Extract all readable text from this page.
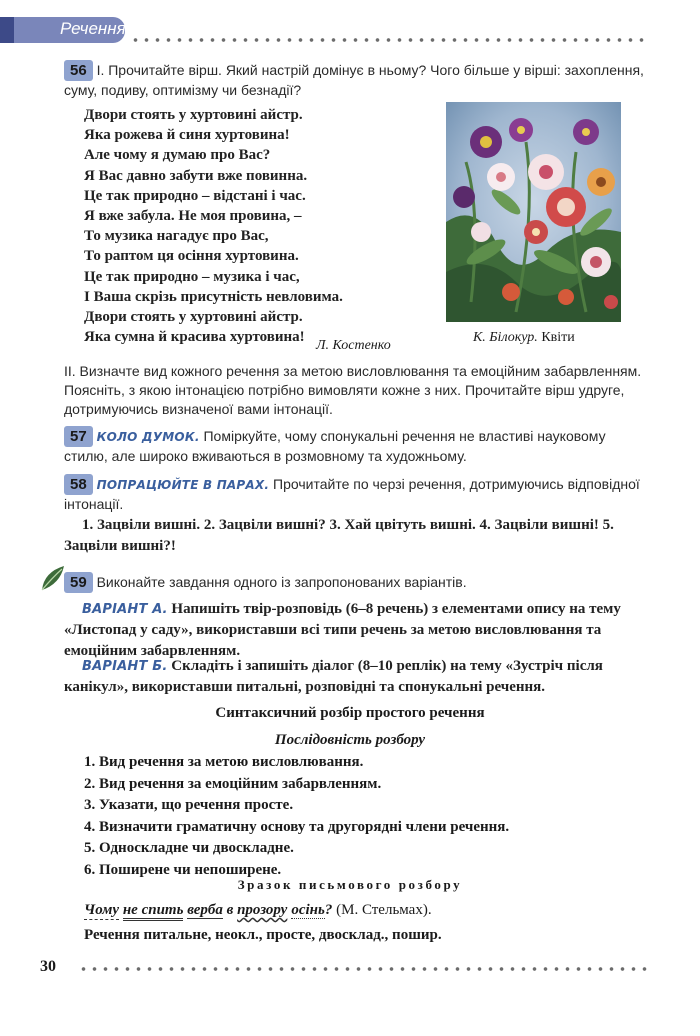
Речення
56 І. Прочитайте вірш. Який настрій домінує в ньому? Чого більше у вірші: захоплення, суму, подиву, оптимізму чи безнадії?
Двори стоять у хуртовині айстр.
Яка рожева й синя хуртовина!
Але чому я думаю про Вас?
Я Вас давно забути вже повинна.
Це так природно – відстані і час.
Я вже забула. Не моя провина, –
То музика нагадує про Вас,
То раптом ця осіння хуртовина.
Це так природно – музика і час,
І Ваша скрізь присутність невловима.
Двори стоять у хуртовині айстр.
Яка сумна й красива хуртовина!
Л. Костенко
К. Білокур. Квіти
ІІ. Визначте вид кожного речення за метою висловлювання та емоційним забарвленням. Поясніть, з якою інтонацією потрібно вимовляти кожне з них. Прочитайте вірш удруге, дотримуючись визначеної вами інтонації.
57 КОЛО ДУМОК. Поміркуйте, чому спонукальні речення не властиві науковому стилю, але широко вживаються в розмовному та художньому.
58 ПОПРАЦЮЙТЕ В ПАРАХ. Прочитайте по черзі речення, дотримуючись відповідної інтонації.
1. Зацвіли вишні. 2. Зацвіли вишні? 3. Хай цвітуть вишні. 4. Зацвіли вишні! 5. Зацвіли вишні?!
59 Виконайте завдання одного із запропонованих варіантів.
ВАРІАНТ А. Напишіть твір-розповідь (6–8 речень) з елементами опису на тему «Листопад у саду», використавши всі типи речень за метою висловлювання та емоційним забарвленням.
ВАРІАНТ Б. Складіть і запишіть діалог (8–10 реплік) на тему «Зустріч після канікул», використавши питальні, розповідні та спонукальні речення.
Синтаксичний розбір простого речення
Послідовність розбору
1. Вид речення за метою висловлювання.
2. Вид речення за емоційним забарвленням.
3. Указати, що речення просте.
4. Визначити граматичну основу та другорядні члени речення.
5. Односкладне чи двоскладне.
6. Поширене чи непоширене.
Зразок письмового розбору
Чому не спить верба в прозору осінь? (М. Стельмах).
Речення питальне, неокл., просте, двосклад., пошир.
30
